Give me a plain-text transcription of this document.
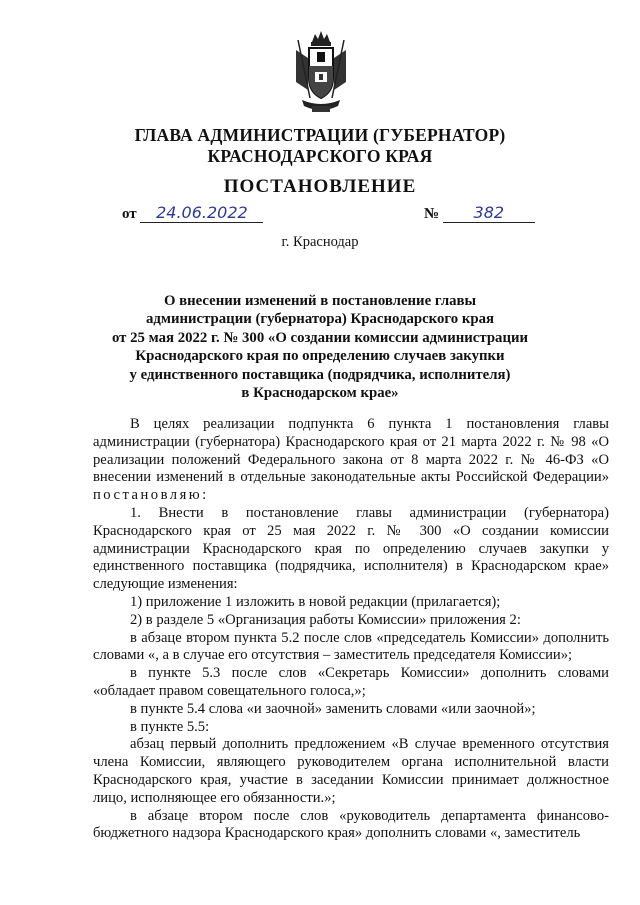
ГЛАВА АДМИНИСТРАЦИИ (ГУБЕРНАТОР)
КРАСНОДАРСКОГО КРАЯ
ПОСТАНОВЛЕНИЕ
от 24.06.2022	№ 382
г. Краснодар
О внесении изменений в постановление главы
администрации (губернатора) Краснодарского края
от 25 мая 2022 г. № 300 «О создании комиссии администрации
Краснодарского края по определению случаев закупки
у единственного поставщика (подрядчика, исполнителя)
в Краснодарском крае»

В целях реализации подпункта 6 пункта 1 постановления главы администрации (губернатора) Краснодарского края от 21 марта 2022 г. № 98 «О реализации положений Федерального закона от 8 марта 2022 г. № 46-ФЗ «О внесении изменений в отдельные законодательные акты Российской Федерации» постановляю:

1. Внести в постановление главы администрации (губернатора) Краснодарского края от 25 мая 2022 г. № 300 «О создании комиссии администрации Краснодарского края по определению случаев закупки у единственного поставщика (подрядчика, исполнителя) в Краснодарском крае» следующие изменения:

1) приложение 1 изложить в новой редакции (прилагается);

2) в разделе 5 «Организация работы Комиссии» приложения 2:

в абзаце втором пункта 5.2 после слов «председатель Комиссии» дополнить словами «, а в случае его отсутствия – заместитель председателя Комиссии»;

в пункте 5.3 после слов «Секретарь Комиссии» дополнить словами «обладает правом совещательного голоса,»;

в пункте 5.4 слова «и заочной» заменить словами «или заочной»;

в пункте 5.5:

абзац первый дополнить предложением «В случае временного отсутствия члена Комиссии, являющего руководителем органа исполнительной власти Краснодарского края, участие в заседании Комиссии принимает должностное лицо, исполняющее его обязанности.»;

в абзаце втором после слов «руководитель департамента финансово-бюджетного надзора Краснодарского края» дополнить словами «, заместитель
